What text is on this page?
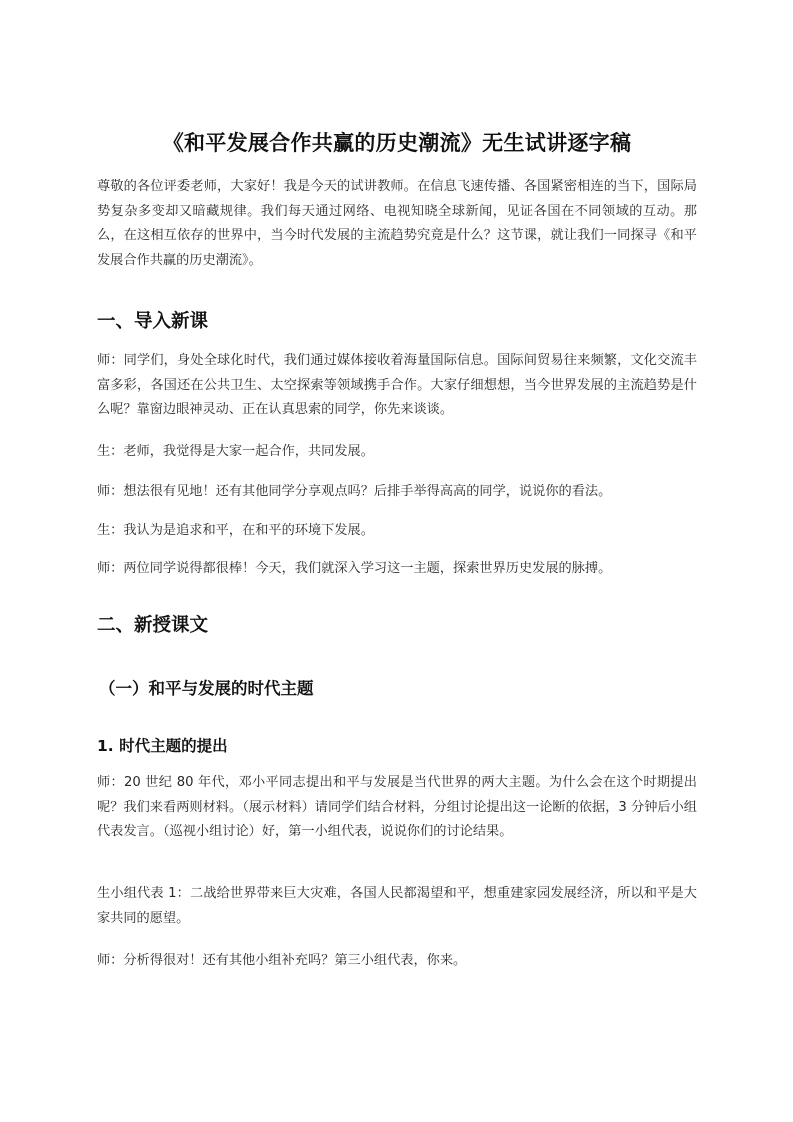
《和平发展合作共赢的历史潮流》无生试讲逐字稿
尊敬的各位评委老师，大家好！我是今天的试讲教师。在信息飞速传播、各国紧密相连的当下，国际局势复杂多变却又暗藏规律。我们每天通过网络、电视知晓全球新闻，见证各国在不同领域的互动。那么，在这相互依存的世界中，当今时代发展的主流趋势究竟是什么？这节课，就让我们一同探寻《和平发展合作共赢的历史潮流》。
一、导入新课
师：同学们，身处全球化时代，我们通过媒体接收着海量国际信息。国际间贸易往来频繁，文化交流丰富多彩，各国还在公共卫生、太空探索等领域携手合作。大家仔细想想，当今世界发展的主流趋势是什么呢？靠窗边眼神灵动、正在认真思索的同学，你先来谈谈。
生：老师，我觉得是大家一起合作，共同发展。
师：想法很有见地！还有其他同学分享观点吗？后排手举得高高的同学，说说你的看法。
生：我认为是追求和平，在和平的环境下发展。
师：两位同学说得都很棒！今天，我们就深入学习这一主题，探索世界历史发展的脉搏。
二、新授课文
（一）和平与发展的时代主题
1. 时代主题的提出
师：20 世纪 80 年代，邓小平同志提出和平与发展是当代世界的两大主题。为什么会在这个时期提出呢？我们来看两则材料。（展示材料）请同学们结合材料，分组讨论提出这一论断的依据，3 分钟后小组代表发言。（巡视小组讨论）好，第一小组代表，说说你们的讨论结果。
生小组代表 1：二战给世界带来巨大灾难，各国人民都渴望和平，想重建家园发展经济，所以和平是大家共同的愿望。
师：分析得很对！还有其他小组补充吗？第三小组代表，你来。
